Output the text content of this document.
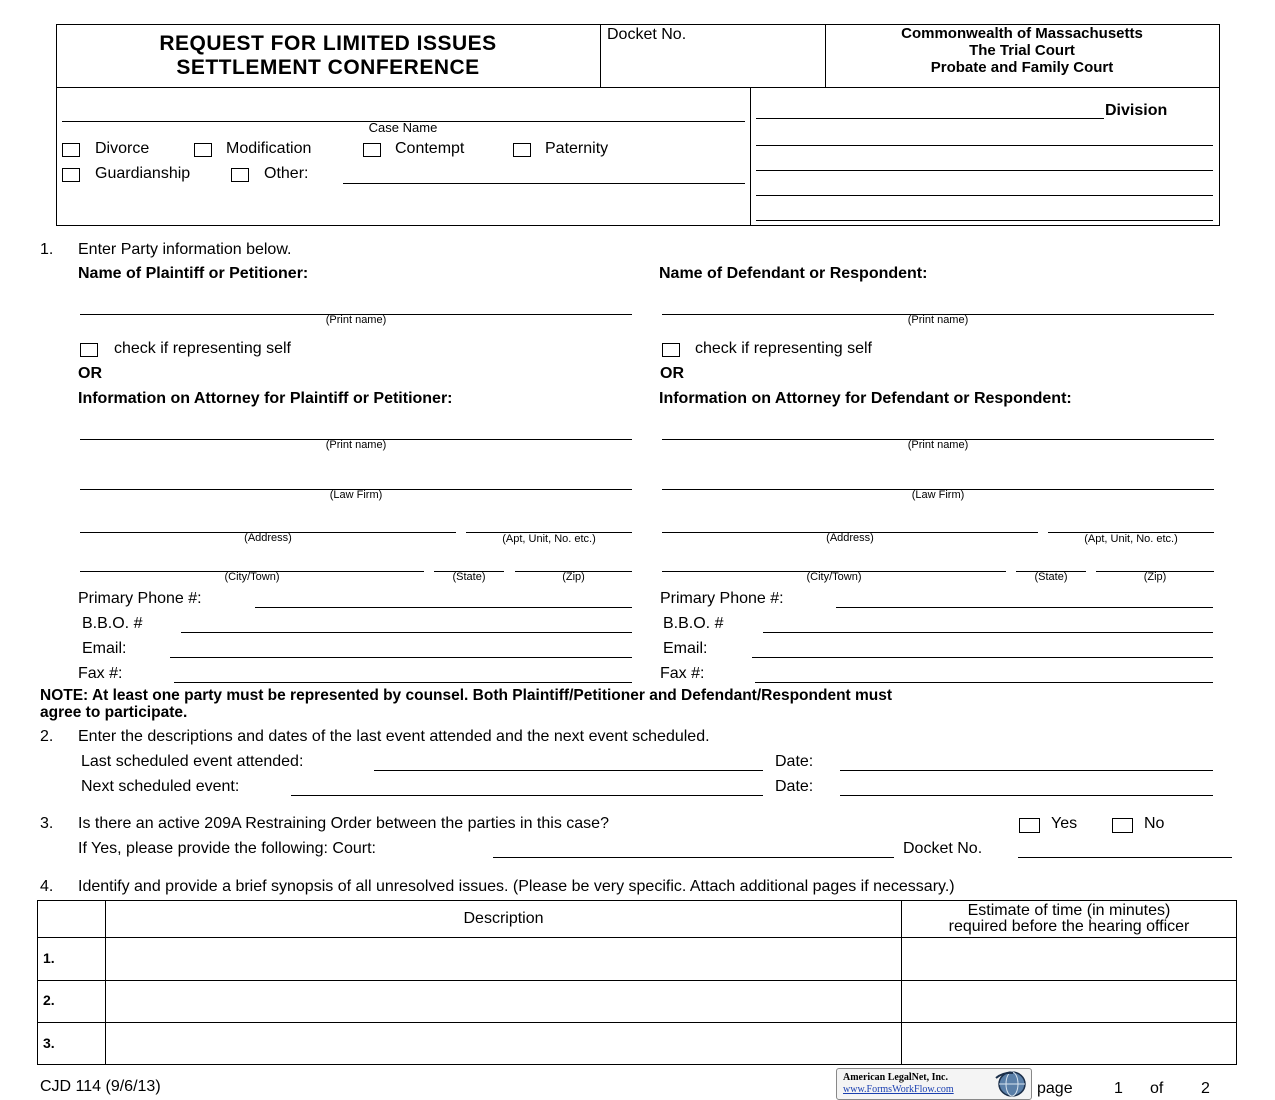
REQUEST FOR LIMITED ISSUES
SETTLEMENT CONFERENCE
Docket No.	Commonwealth of Massachusetts
The Trial Court
Probate and Family Court
Case Name
Divorce	Modification	Contempt	Paternity
Guardianship	Other:
Division
1. Enter Party information below.
Name of Plaintiff or Petitioner:
(Print name)
check if representing self
OR
Information on Attorney for Plaintiff or Petitioner:
(Print name)
(Law Firm)
(Address)	(Apt, Unit, No. etc.)
(City/Town)	(State)	(Zip)
Primary Phone #:
B.B.O. #
Email:
Fax #:
Name of Defendant or Respondent:
(Print name)
check if representing self
OR
Information on Attorney for Defendant or Respondent:
(Print name)
(Law Firm)
(Address)	(Apt, Unit, No. etc.)
(City/Town)	(State)	(Zip)
Primary Phone #:
B.B.O. #
Email:
Fax #:
NOTE: At least one party must be represented by counsel. Both Plaintiff/Petitioner and Defendant/Respondent must
agree to participate.
2. Enter the descriptions and dates of the last event attended and the next event scheduled.
Last scheduled event attended:	Date:
Next scheduled event:	Date:
3. Is there an active 209A Restraining Order between the parties in this case?	Yes	No
If Yes, please provide the following: Court:	Docket No.
4. Identify and provide a brief synopsis of all unresolved issues. (Please be very specific. Attach additional pages if necessary.)
Description	Estimate of time (in minutes)
required before the hearing officer
1.
2.
3.
CJD 114 (9/6/13)
American LegalNet, Inc.
www.FormsWorkFlow.com	page	1 of 2
